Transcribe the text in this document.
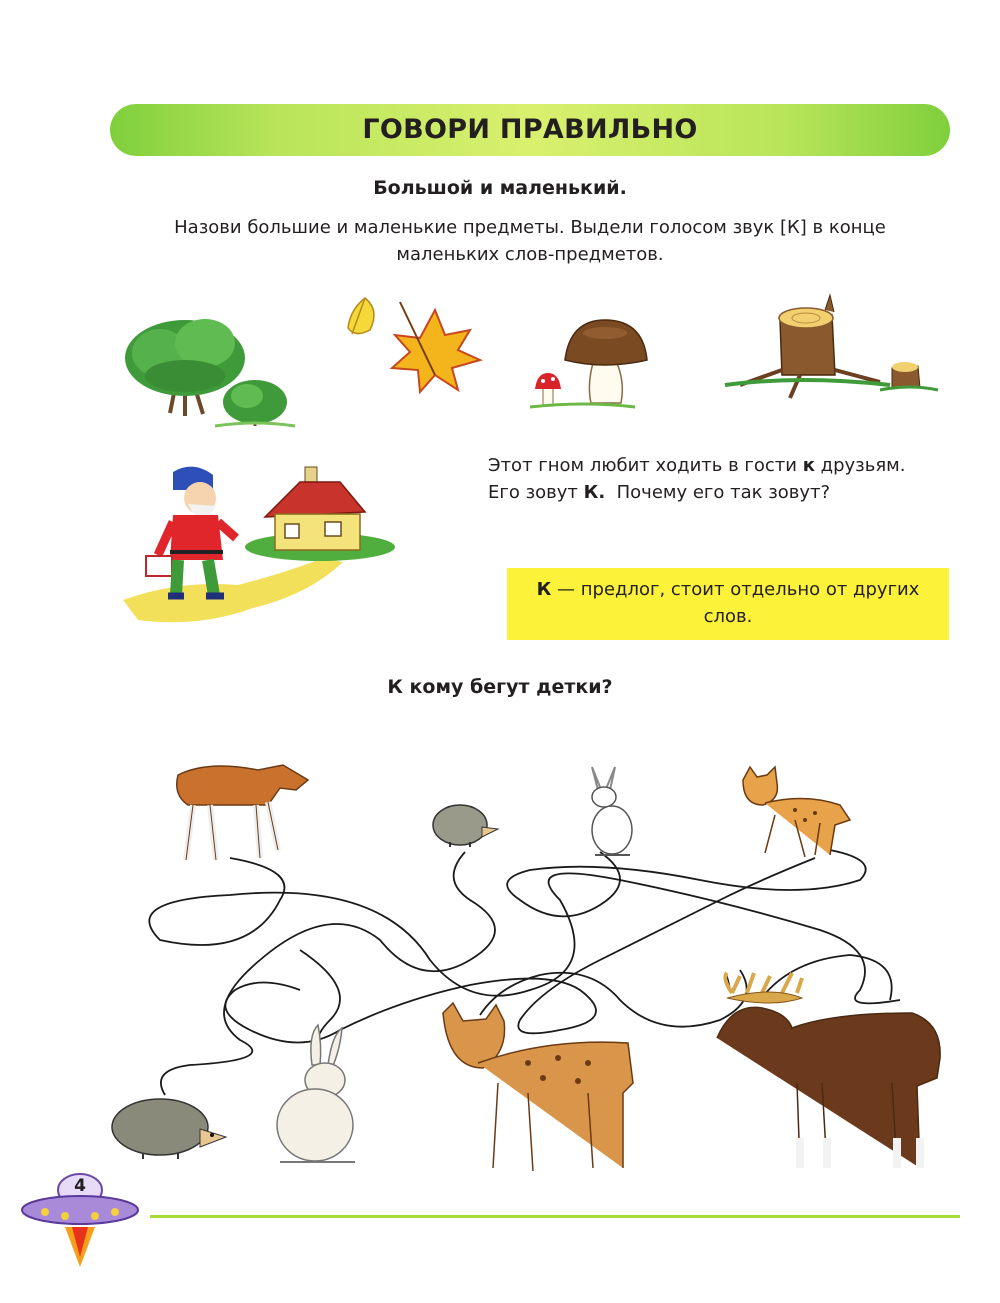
ГОВОРИ ПРАВИЛЬНО
Большой и маленький.
Назови большие и маленькие предметы. Выдели голосом звук [К] в конце маленьких слов-предметов.
Этот гном любит ходить в гости к друзьям.
Его зовут К.  Почему его так зовут?
К — предлог, стоит отдельно от других слов.
К кому бегут детки?
4
